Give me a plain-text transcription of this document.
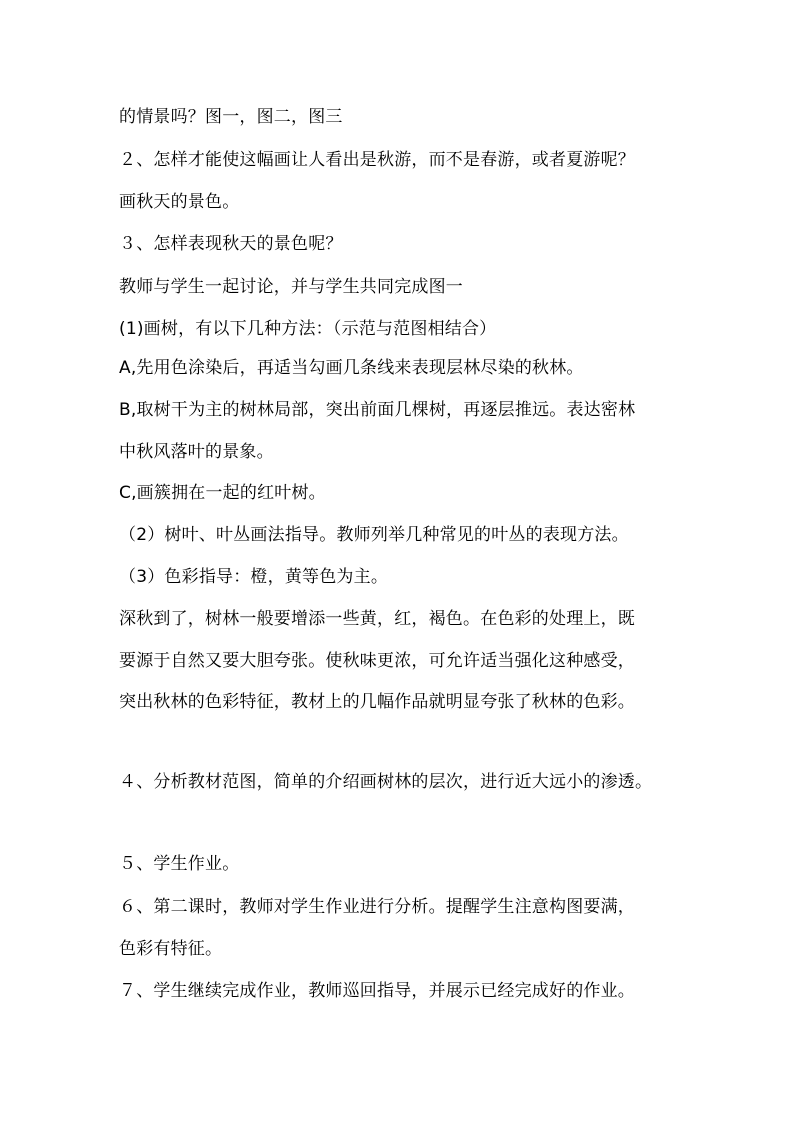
的情景吗？图一，图二，图三
２、怎样才能使这幅画让人看出是秋游，而不是春游，或者夏游呢？
画秋天的景色。
３、怎样表现秋天的景色呢？
教师与学生一起讨论，并与学生共同完成图一
(1)画树，有以下几种方法：（示范与范图相结合）
A,先用色涂染后，再适当勾画几条线来表现层林尽染的秋林。
B,取树干为主的树林局部，突出前面几棵树，再逐层推远。表达密林
中秋风落叶的景象。
C,画簇拥在一起的红叶树。
（2）树叶、叶丛画法指导。教师列举几种常见的叶丛的表现方法。
（3）色彩指导：橙，黄等色为主。
深秋到了，树林一般要增添一些黄，红，褐色。在色彩的处理上，既
要源于自然又要大胆夸张。使秋味更浓，可允许适当强化这种感受，
突出秋林的色彩特征，教材上的几幅作品就明显夸张了秋林的色彩。
４、分析教材范图，简单的介绍画树林的层次，进行近大远小的渗透。
５、学生作业。
６、第二课时，教师对学生作业进行分析。提醒学生注意构图要满，
色彩有特征。
７、学生继续完成作业，教师巡回指导，并展示已经完成好的作业。
